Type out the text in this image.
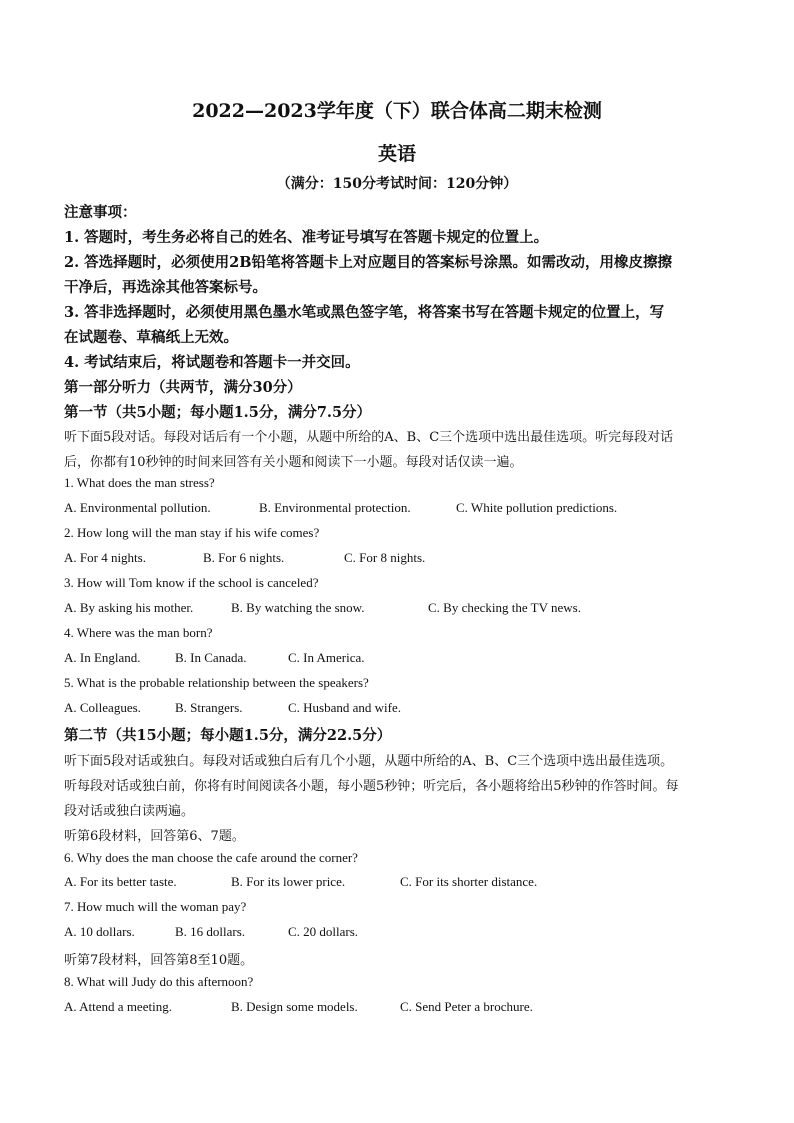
2022—2023学年度（下）联合体高二期末检测
英语
（满分：150分考试时间：120分钟）
注意事项：
1. 答题时，考生务必将自己的姓名、准考证号填写在答题卡规定的位置上。
2. 答选择题时，必须使用2B铅笔将答题卡上对应题目的答案标号涂黑。如需改动，用橡皮擦擦
干净后，再选涂其他答案标号。
3. 答非选择题时，必须使用黑色墨水笔或黑色签字笔，将答案书写在答题卡规定的位置上，写
在试题卷、草稿纸上无效。
4. 考试结束后，将试题卷和答题卡一并交回。
第一部分听力（共两节，满分30分）
第一节（共5小题；每小题1.5分，满分7.5分）
听下面5段对话。每段对话后有一个小题，从题中所给的A、B、C三个选项中选出最佳选项。听完每段对话
后，你都有10秒钟的时间来回答有关小题和阅读下一小题。每段对话仅读一遍。
1. What does the man stress?
A. Environmental pollution.	B. Environmental protection.	C. White pollution predictions.
2. How long will the man stay if his wife comes?
A. For 4 nights.	B. For 6 nights.	C. For 8 nights.
3. How will Tom know if the school is canceled?
A. By asking his mother.	B. By watching the snow.	C. By checking the TV news.
4. Where was the man born?
A. In England.	B. In Canada.	C. In America.
5. What is the probable relationship between the speakers?
A. Colleagues.	B. Strangers.	C. Husband and wife.
第二节（共15小题；每小题1.5分，满分22.5分）
听下面5段对话或独白。每段对话或独白后有几个小题，从题中所给的A、B、C三个选项中选出最佳选项。
听每段对话或独白前，你将有时间阅读各小题，每小题5秒钟；听完后，各小题将给出5秒钟的作答时间。每
段对话或独白读两遍。
听第6段材料，回答第6、7题。
6. Why does the man choose the cafe around the corner?
A. For its better taste.	B. For its lower price.	C. For its shorter distance.
7. How much will the woman pay?
A. 10 dollars.	B. 16 dollars.	C. 20 dollars.
听第7段材料，回答第8至10题。
8. What will Judy do this afternoon?
A. Attend a meeting.	B. Design some models.	C. Send Peter a brochure.
